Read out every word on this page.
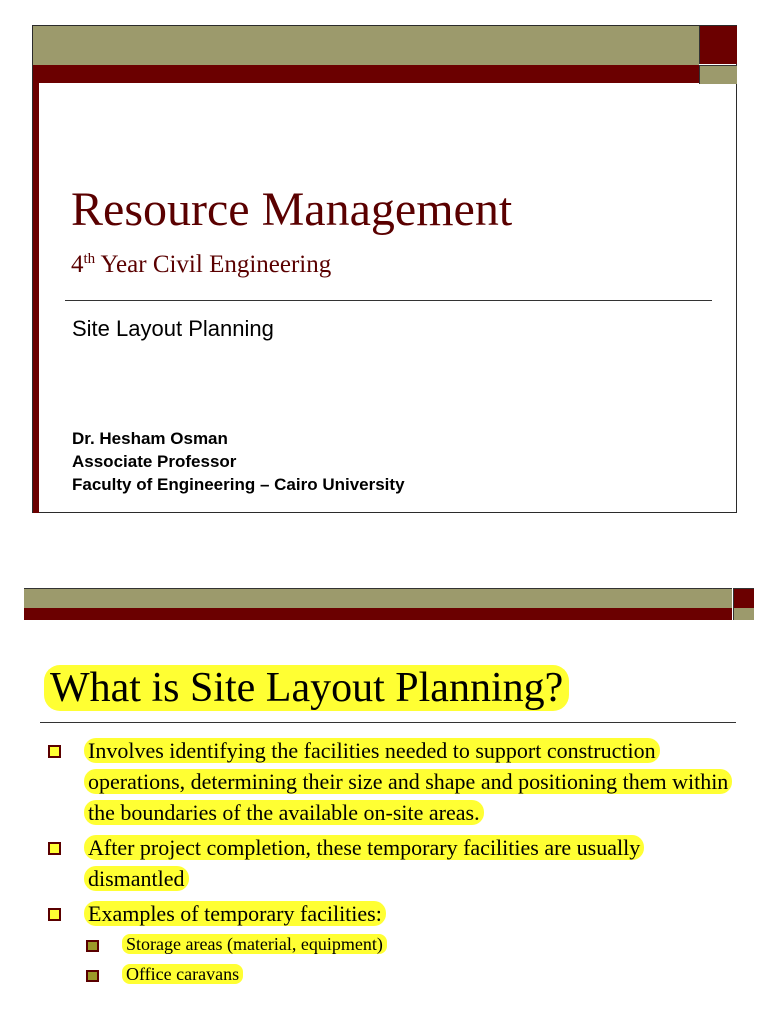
Resource Management

4th Year Civil Engineering

Site Layout Planning

Dr. Hesham Osman
Associate Professor
Faculty of Engineering – Cairo University
What is Site Layout Planning?
Involves identifying the facilities needed to support construction operations, determining their size and shape and positioning them within the boundaries of the available on-site areas.
After project completion, these temporary facilities are usually dismantled
Examples of temporary facilities:
Storage areas (material, equipment)
Office caravans
